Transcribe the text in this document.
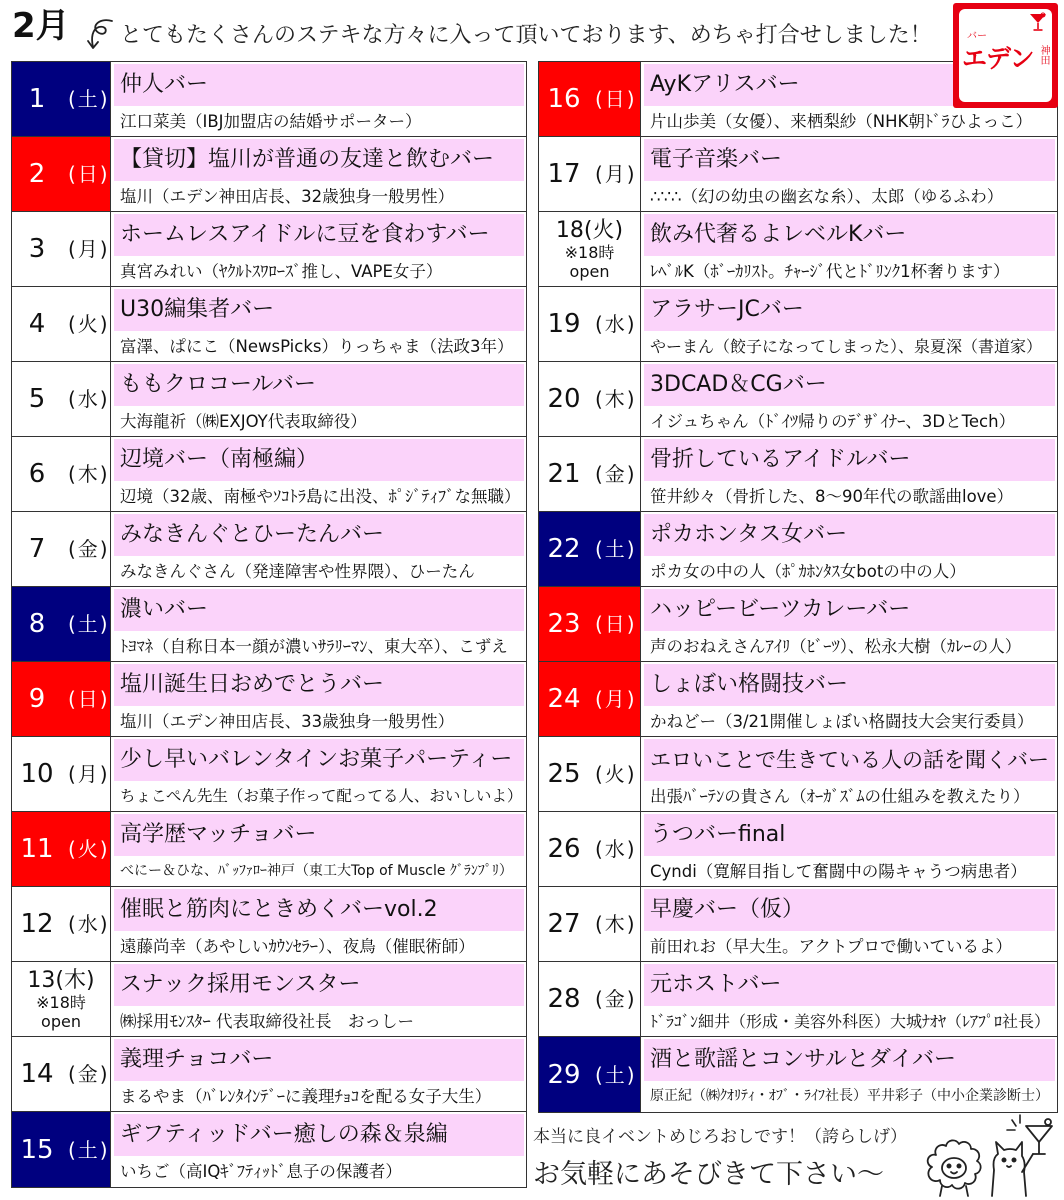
2月 とてもたくさんのステキな方々に入って頂いております、めちゃ打合せしました！	バー
エデン 神田
1	(土)
仲人バー
江口菜美（IBJ加盟店の結婚サポーター）
2	(日)
【貸切】塩川が普通の友達と飲むバー
塩川（エデン神田店長、32歳独身一般男性）
3	(月)
ホームレスアイドルに豆を食わすバー
真宮みれい（ﾔｸﾙﾄｽﾜﾛｰｽﾞ推し、VAPE女子）
4	(火)
U30編集者バー
富澤、ぱにこ（NewsPicks）りっちゃま（法政3年）
5	(水)
ももクロコールバー
大海龍祈（㈱EXJOY代表取締役）
6	(木)
辺境バー（南極編）
辺境（32歳、南極やｿｺﾄﾗ島に出没、ﾎﾟｼﾞﾃｨﾌﾞな無職）
7	(金)
みなきんぐとひーたんバー
みなきんぐさん（発達障害や性界隈）、ひーたん
8	(土)
濃いバー
ﾄﾖﾏﾈ（自称日本一顔が濃いｻﾗﾘｰﾏﾝ、東大卒）、こずえ
9	(日)
塩川誕生日おめでとうバー
塩川（エデン神田店長、33歳独身一般男性）
10 (月)
少し早いバレンタインお菓子パーティー
ちょこぺん先生（お菓子作って配ってる人、おいしいよ）
11 (火)
高学歴マッチョバー
べにー＆ひな、ﾊﾞｯﾌｧﾛｰ神戸（東工大Top of Muscle ｸﾞﾗﾝﾌﾟﾘ）
12 (水)
催眠と筋肉にときめくバーvol.2
遠藤尚幸（あやしいｶｳﾝｾﾗｰ）、夜鳥（催眠術師）
13(木)
※18時
open
スナック採用モンスター
㈱採用ﾓﾝｽﾀｰ 代表取締役社長　おっしー
14 (金)
義理チョコバー
まるやま（ﾊﾞﾚﾝﾀｲﾝﾃﾞｰに義理ﾁｮｺを配る女子大生）
15 (土)
ギフティッドバー癒しの森＆泉編
いちご（高IQｷﾞﾌﾃｨｯﾄﾞ息子の保護者）
16 (日)
AyKアリスバー
片山歩美（女優）、来栖梨紗（NHK朝ﾄﾞﾗひよっこ）
17 (月)
電子音楽バー
∴∵∴（幻の幼虫の幽玄な糸）、太郎（ゆるふわ）
18(火)
※18時
open
飲み代奢るよレベルKバー
ﾚﾍﾞﾙK（ﾎﾞｰｶﾘｽﾄ。ﾁｬｰｼﾞ代とﾄﾞﾘﾝｸ1杯奢ります）
19 (水)
アラサーJCバー
やーまん（餃子になってしまった）、泉夏深（書道家）
20 (木)
3DCAD＆CGバー
イジュちゃん（ﾄﾞｲﾂ帰りのﾃﾞｻﾞｲﾅｰ、3DとTech）
21 (金)
骨折しているアイドルバー
笹井紗々（骨折した、8～90年代の歌謡曲love）
22 (土)
ポカホンタス女バー
ポカ女の中の人（ﾎﾟｶﾎﾝﾀｽ女botの中の人）
23 (日)
ハッピービーツカレーバー
声のおねえさんｱｲﾘ（ﾋﾞｰﾂ）、松永大樹（ｶﾚｰの人）
24 (月)
しょぼい格闘技バー
かねどー（3/21開催しょぼい格闘技大会実行委員）
25 (火)
エロいことで生きている人の話を聞くバー
出張ﾊﾞｰﾃﾝの貴さん（ｵｰｶﾞｽﾞﾑの仕組みを教えたり）
26 (水)
うつバーfinal
Cyndi（寛解目指して奮闘中の陽キャうつ病患者）
27 (木)
早慶バー（仮）
前田れお（早大生。アクトプロで働いているよ）
28 (金)
元ホストバー
ﾄﾞﾗｺﾞﾝ細井（形成・美容外科医）大城ﾅｵﾔ（ﾚｱﾌﾟﾛ社長）
29 (土)
酒と歌謡とコンサルとダイバー
原正紀（㈱ｸｵﾘﾃｨ・ｵﾌﾞ・ﾗｲﾌ社長）平井彩子（中小企業診断士）
本当に良イベントめじろおしです！（誇らしげ）
お気軽にあそびきて下さい〜
